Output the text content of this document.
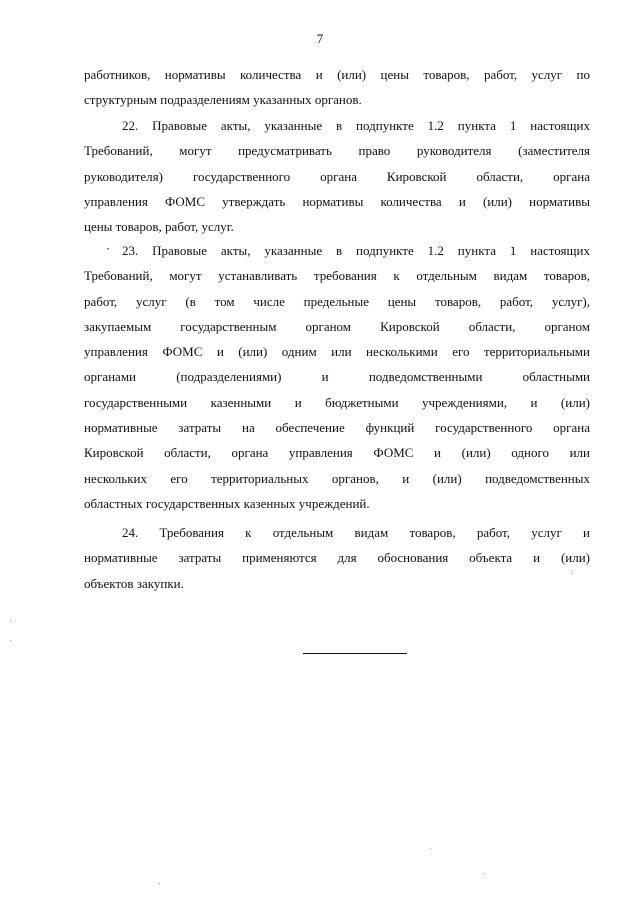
7
работников, нормативы количества и (или) цены товаров, работ, услуг по
структурным подразделениям указанных органов.
22. Правовые акты, указанные в подпункте 1.2 пункта 1 настоящих
Требований, могут предусматривать право руководителя (заместителя
руководителя) государственного органа Кировской области, органа
управления ФОМС утверждать нормативы количества и (или) нормативы
цены товаров, работ, услуг.
· 23. Правовые акты, указанные в подпункте 1.2 пункта 1 настоящих
Требований, могут устанавливать требования к отдельным видам товаров,
работ, услуг (в том числе предельные цены товаров, работ, услуг),
закупаемым государственным органом Кировской области, органом
управления ФОМС и (или) одним или несколькими его территориальными
органами (подразделениями) и подведомственными областными
государственными казенными и бюджетными учреждениями, и (или)
нормативные затраты на обеспечение функций государственного органа
Кировской области, органа управления ФОМС и (или) одного или
нескольких его территориальных органов, и (или) подведомственных
областных государственных казенных учреждений.
24. Требования к отдельным видам товаров, работ, услуг и
нормативные затраты применяются для обоснования объекта и (или)
объектов закупки.
